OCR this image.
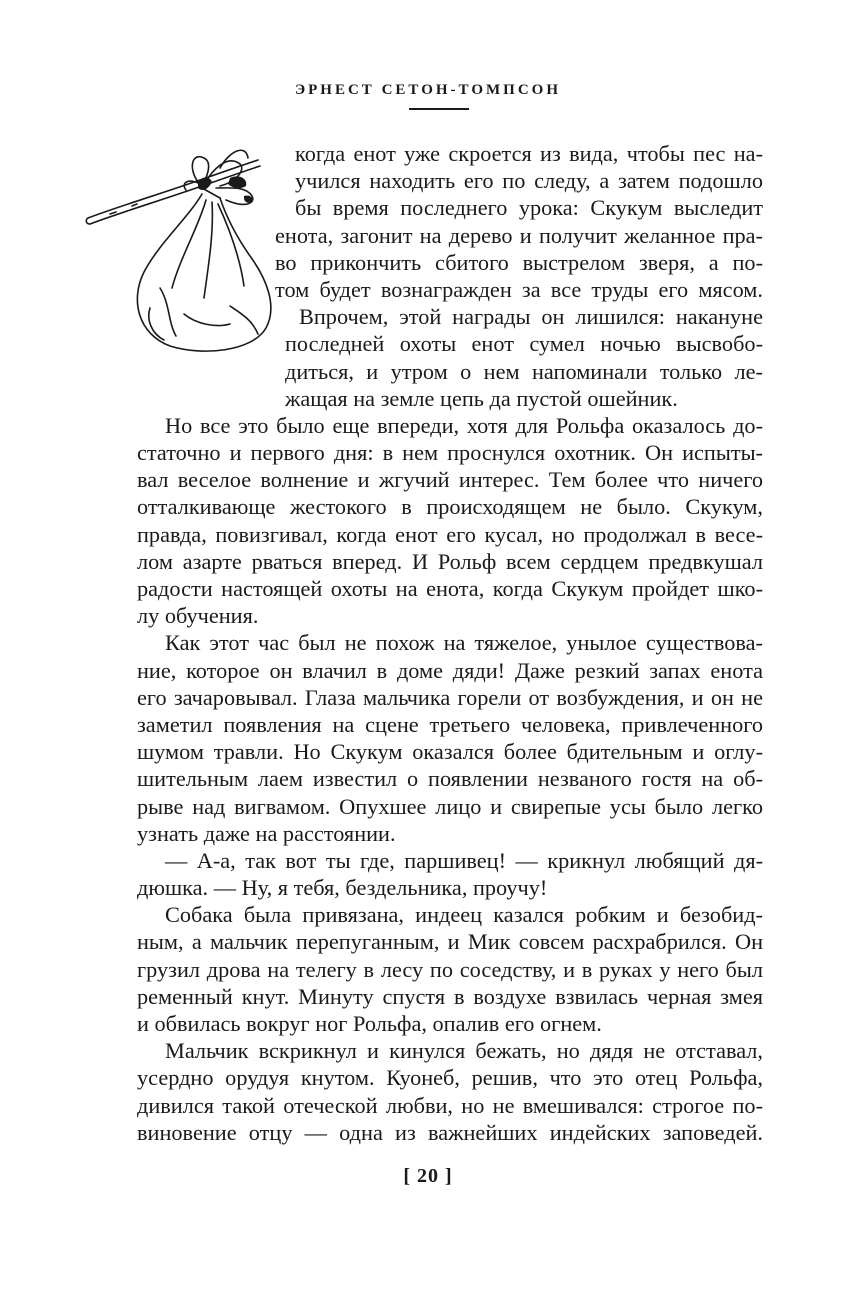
ЭРНЕСТ СЕТОН-ТОМПСОН
когда енот уже скроется из вида, чтобы пес на-
учился находить его по следу, а затем подошло
бы время последнего урока: Скукум выследит
енота, загонит на дерево и получит желанное пра-
во прикончить сбитого выстрелом зверя, а по-
том будет вознагражден за все труды его мясом.
Впрочем, этой награды он лишился: накануне
последней охоты енот сумел ночью высвобо-
диться, и утром о нем напоминали только ле-
жащая на земле цепь да пустой ошейник.
Но все это было еще впереди, хотя для Рольфа оказалось до-
статочно и первого дня: в нем проснулся охотник. Он испыты-
вал веселое волнение и жгучий интерес. Тем более что ничего
отталкивающе жестокого в происходящем не было. Скукум,
правда, повизгивал, когда енот его кусал, но продолжал в весе-
лом азарте рваться вперед. И Рольф всем сердцем предвкушал
радости настоящей охоты на енота, когда Скукум пройдет шко-
лу обучения.
Как этот час был не похож на тяжелое, унылое существова-
ние, которое он влачил в доме дяди! Даже резкий запах енота
его зачаровывал. Глаза мальчика горели от возбуждения, и он не
заметил появления на сцене третьего человека, привлеченного
шумом травли. Но Скукум оказался более бдительным и оглу-
шительным лаем известил о появлении незваного гостя на об-
рыве над вигвамом. Опухшее лицо и свирепые усы было легко
узнать даже на расстоянии.
— А-а, так вот ты где, паршивец! — крикнул любящий дя-
дюшка. — Ну, я тебя, бездельника, проучу!
Собака была привязана, индеец казался робким и безобид-
ным, а мальчик перепуганным, и Мик совсем расхрабрился. Он
грузил дрова на телегу в лесу по соседству, и в руках у него был
ременный кнут. Минуту спустя в воздухе взвилась черная змея
и обвилась вокруг ног Рольфа, опалив его огнем.
Мальчик вскрикнул и кинулся бежать, но дядя не отставал,
усердно орудуя кнутом. Куонеб, решив, что это отец Рольфа,
дивился такой отеческой любви, но не вмешивался: строгое по-
виновение отцу — одна из важнейших индейских заповедей.
[ 20 ]
